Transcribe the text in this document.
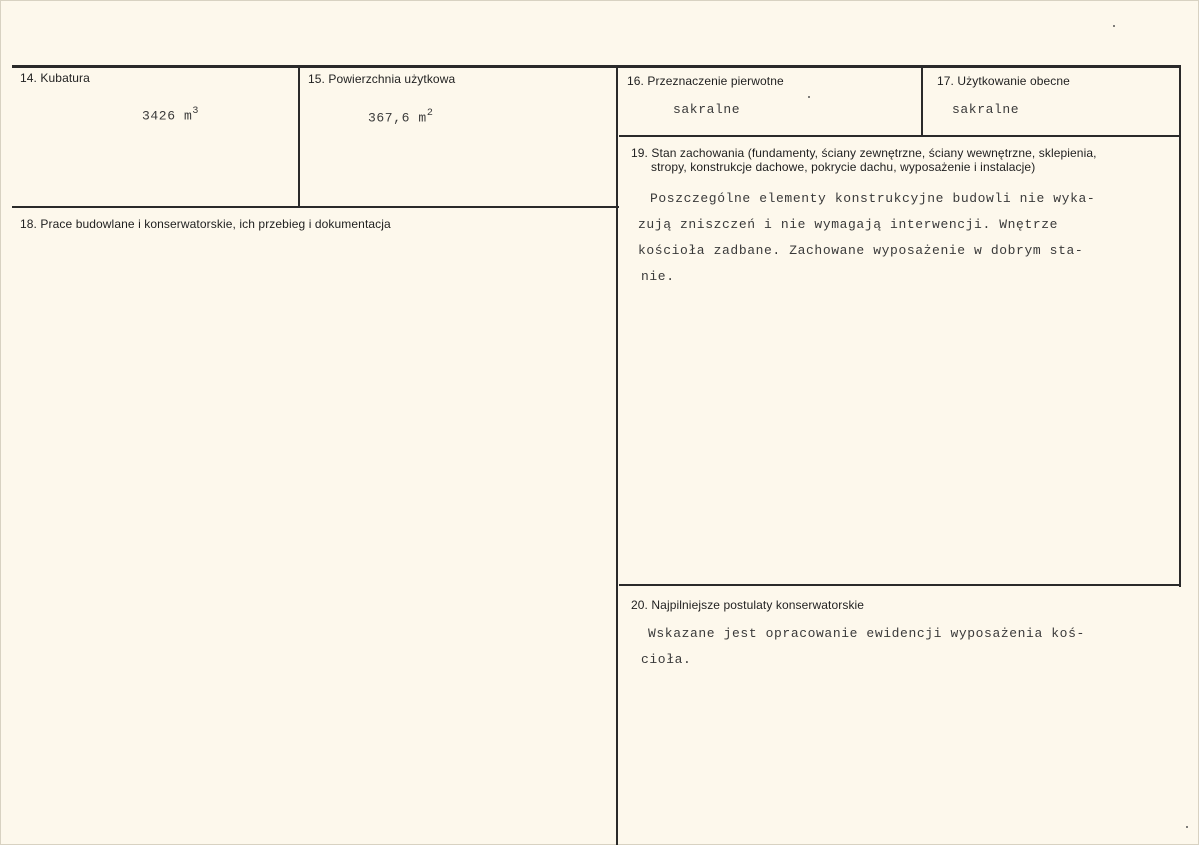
14. Kubatura
3426 $m^3$
15. Powierzchnia użytkowa
367,6 $m^2$
16. Przeznaczenie pierwotne
sakralne
17. Użytkowanie obecne
sakralne
18. Prace budowlane i konserwatorskie, ich przebieg i dokumentacja
19. Stan zachowania (fundamenty, ściany zewnętrzne, ściany wewnętrzne, sklepienia,
stropy, konstrukcje dachowe, pokrycie dachu, wyposażenie i instalacje)
Poszczególne elementy konstrukcyjne budowli nie wyka-
zują zniszczeń i nie wymagają interwencji. Wnętrze
kościoła zadbane. Zachowane wyposażenie w dobrym sta-
nie.
20. Najpilniejsze postulaty konserwatorskie
Wskazane jest opracowanie ewidencji wyposażenia koś-
cioła.
